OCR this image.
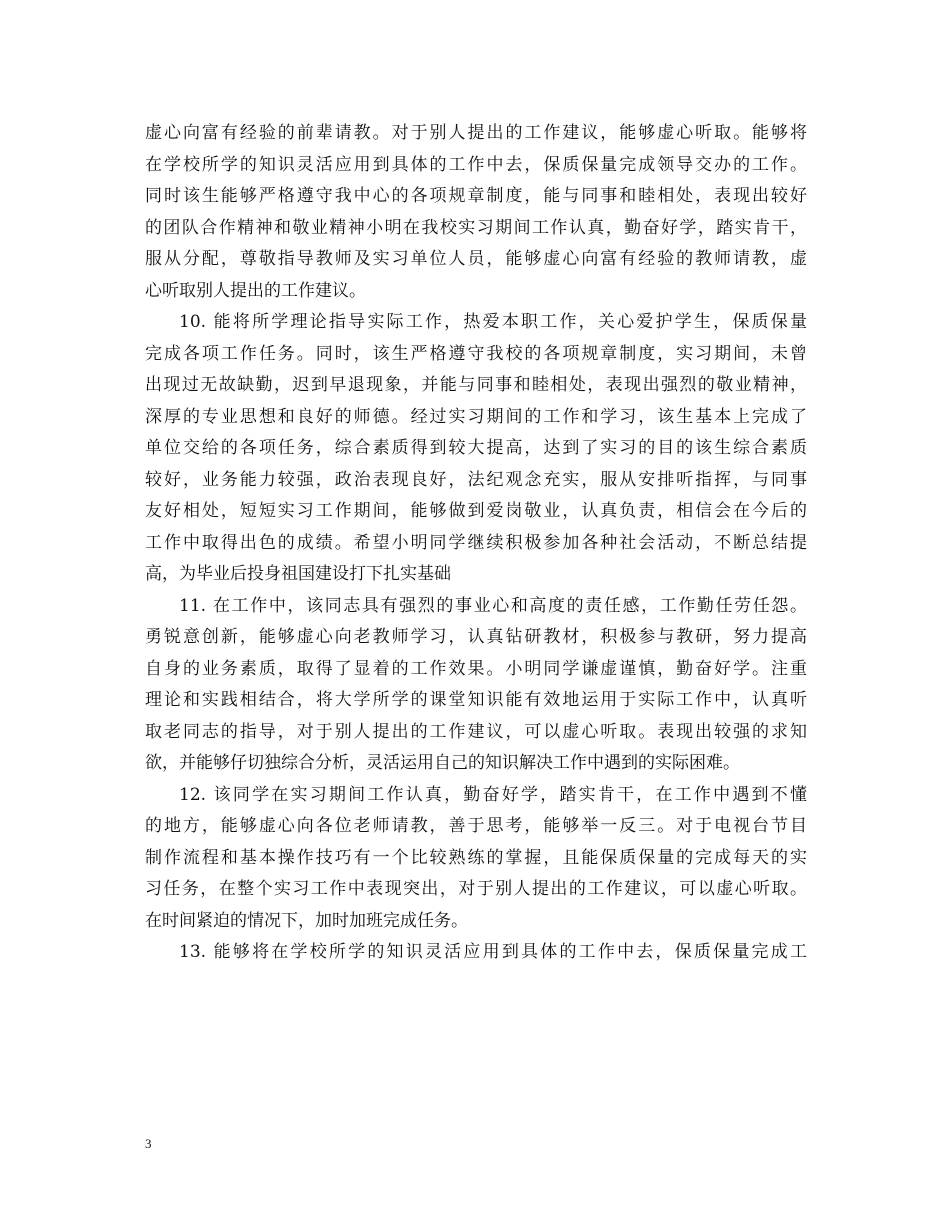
虚心向富有经验的前辈请教。对于别人提出的工作建议，能够虚心听取。能够将
在学校所学的知识灵活应用到具体的工作中去，保质保量完成领导交办的工作。
同时该生能够严格遵守我中心的各项规章制度，能与同事和睦相处，表现出较好
的团队合作精神和敬业精神小明在我校实习期间工作认真，勤奋好学，踏实肯干，
服从分配，尊敬指导教师及实习单位人员，能够虚心向富有经验的教师请教，虚
心听取别人提出的工作建议。
10. 能将所学理论指导实际工作，热爱本职工作，关心爱护学生，保质保量
完成各项工作任务。同时，该生严格遵守我校的各项规章制度，实习期间，未曾
出现过无故缺勤，迟到早退现象，并能与同事和睦相处，表现出强烈的敬业精神，
深厚的专业思想和良好的师德。经过实习期间的工作和学习，该生基本上完成了
单位交给的各项任务，综合素质得到较大提高，达到了实习的目的该生综合素质
较好，业务能力较强，政治表现良好，法纪观念充实，服从安排听指挥，与同事
友好相处，短短实习工作期间，能够做到爱岗敬业，认真负责，相信会在今后的
工作中取得出色的成绩。希望小明同学继续积极参加各种社会活动，不断总结提
高，为毕业后投身祖国建设打下扎实基础
11. 在工作中，该同志具有强烈的事业心和高度的责任感，工作勤任劳任怨。
勇锐意创新，能够虚心向老教师学习，认真钻研教材，积极参与教研，努力提高
自身的业务素质，取得了显着的工作效果。小明同学谦虚谨慎，勤奋好学。注重
理论和实践相结合，将大学所学的课堂知识能有效地运用于实际工作中，认真听
取老同志的指导，对于别人提出的工作建议，可以虚心听取。表现出较强的求知
欲，并能够仔切独综合分析，灵活运用自己的知识解决工作中遇到的实际困难。
12. 该同学在实习期间工作认真，勤奋好学，踏实肯干，在工作中遇到不懂
的地方，能够虚心向各位老师请教，善于思考，能够举一反三。对于电视台节目
制作流程和基本操作技巧有一个比较熟练的掌握，且能保质保量的完成每天的实
习任务，在整个实习工作中表现突出，对于别人提出的工作建议，可以虚心听取。
在时间紧迫的情况下，加时加班完成任务。
13. 能够将在学校所学的知识灵活应用到具体的工作中去，保质保量完成工
3
